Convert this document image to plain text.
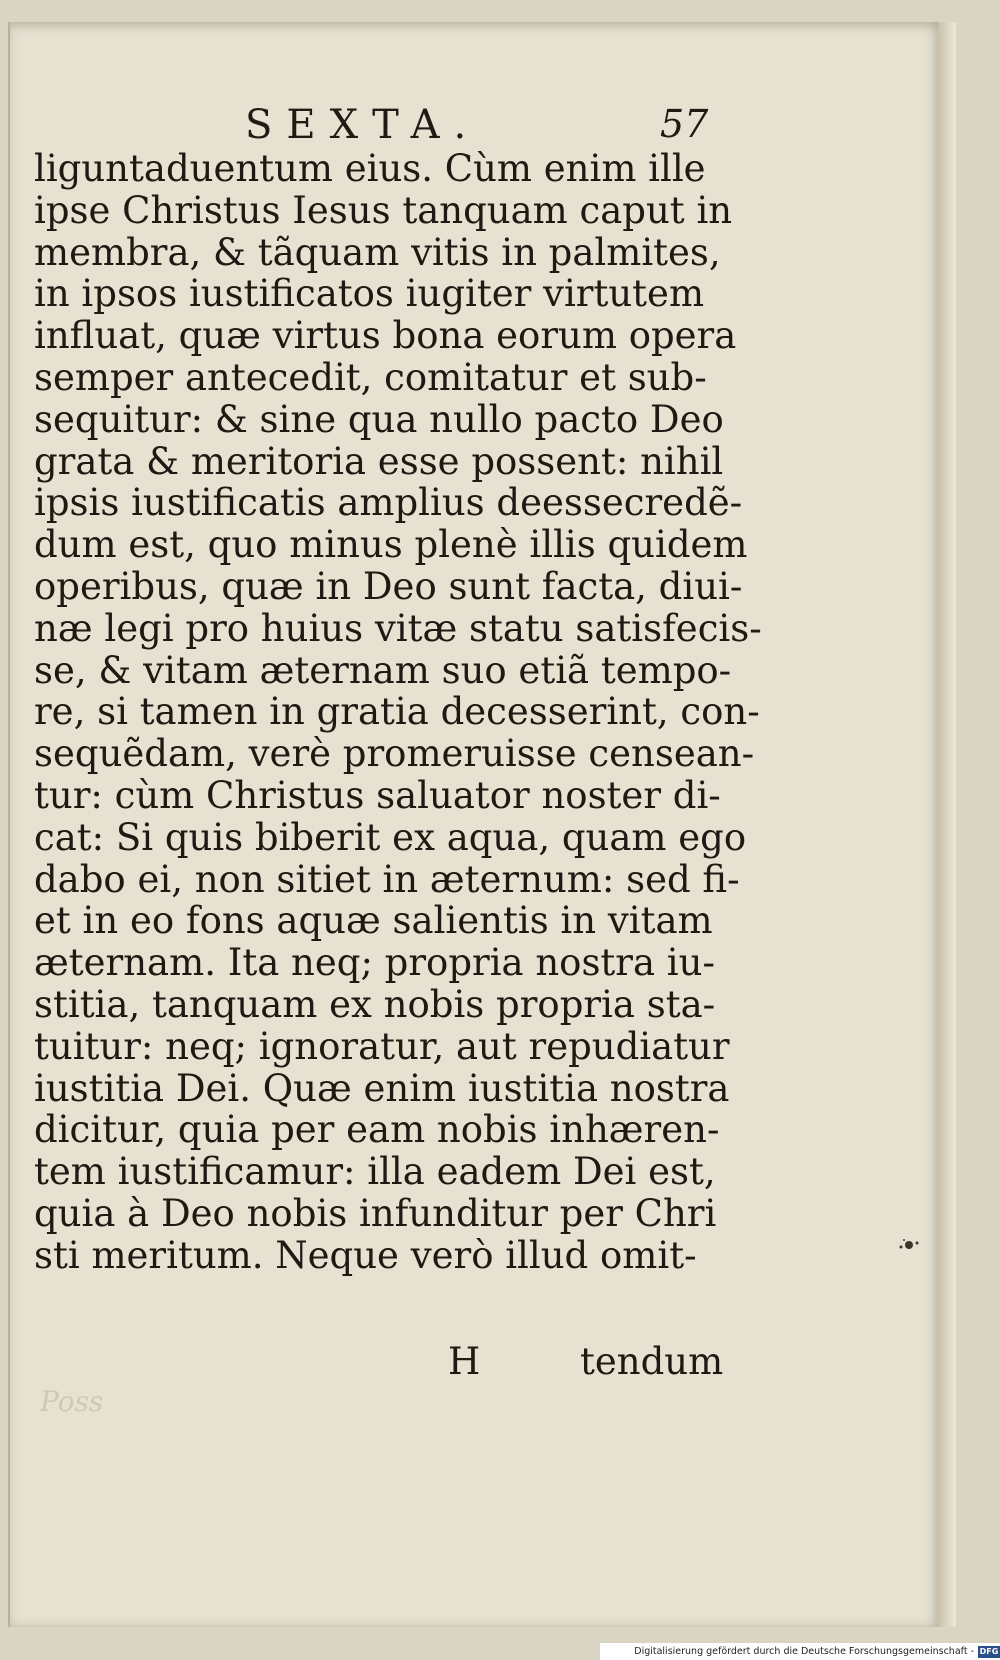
SEXTA.	57
liguntaduentum eius. Cùm enim ille
ipse Christus Iesus tanquam caput in
membra, & tãquam vitis in palmites,
in ipsos iustificatos iugiter virtutem
influat, quæ virtus bona eorum opera
semper antecedit, comitatur et sub-
sequitur: & sine qua nullo pacto Deo
grata & meritoria esse possent: nihil
ipsis iustificatis amplius deessecredẽ-
dum est, quo minus plenè illis quidem
operibus, quæ in Deo sunt facta, diui-
næ legi pro huius vitæ statu satisfecis-
se, & vitam æternam suo etiã tempo-
re, si tamen in gratia decesserint, con-
sequẽdam, verè promeruisse censean-
tur: cùm Christus saluator noster di-
cat: Si quis biberit ex aqua, quam ego
dabo ei, non sitiet in æternum: sed fi-
et in eo fons aquæ salientis in vitam
æternam. Ita neq; propria nostra iu-
stitia, tanquam ex nobis propria sta-
tuitur: neq; ignoratur, aut repudiatur
iustitia Dei. Quæ enim iustitia nostra
dicitur, quia per eam nobis inhæren-
tem iustificamur: illa eadem Dei est,
quia à Deo nobis infunditur per Chri
sti meritum. Neque verò illud omit-
H	tendum
Poss
Digitalisierung gefördert durch die Deutsche Forschungsgemeinschaft - DFG
